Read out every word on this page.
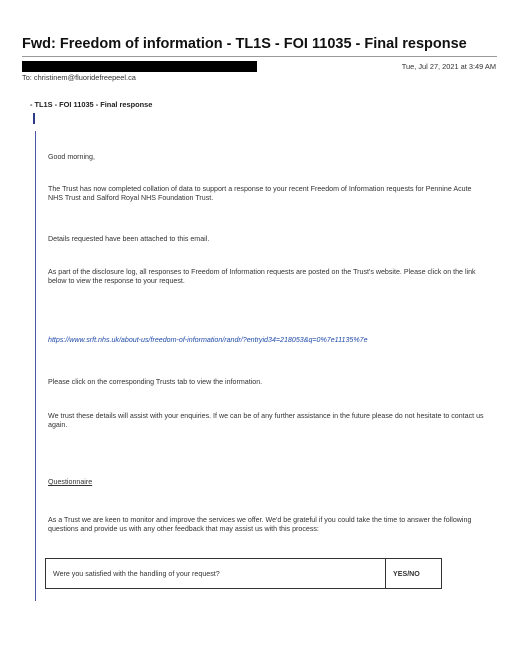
Fwd: Freedom of information - TL1S - FOI 11035 - Final response
To: christinem@fluoridefreepeel.ca
Tue, Jul 27, 2021 at 3:49 AM
- TL1S - FOI 11035 - Final response

Good morning,

The Trust has now completed collation of data to support a response to your recent Freedom of Information requests for Pennine Acute NHS Trust and Salford Royal NHS Foundation Trust.

Details requested have been attached to this email.

As part of the disclosure log, all responses to Freedom of Information requests are posted on the Trust's website. Please click on the link below to view the response to your request.

https://www.srft.nhs.uk/about-us/freedom-of-information/randr/?entryid34=218053&q=0%7e11135%7e

Please click on the corresponding Trusts tab to view the information.

We trust these details will assist with your enquiries. If we can be of any further assistance in the future please do not hesitate to contact us again.

Questionnaire

As a Trust we are keen to monitor and improve the services we offer. We'd be grateful if you could take the time to answer the following questions and provide us with any other feedback that may assist us with this process:

Were you satisfied with the handling of your request?	YES/NO
